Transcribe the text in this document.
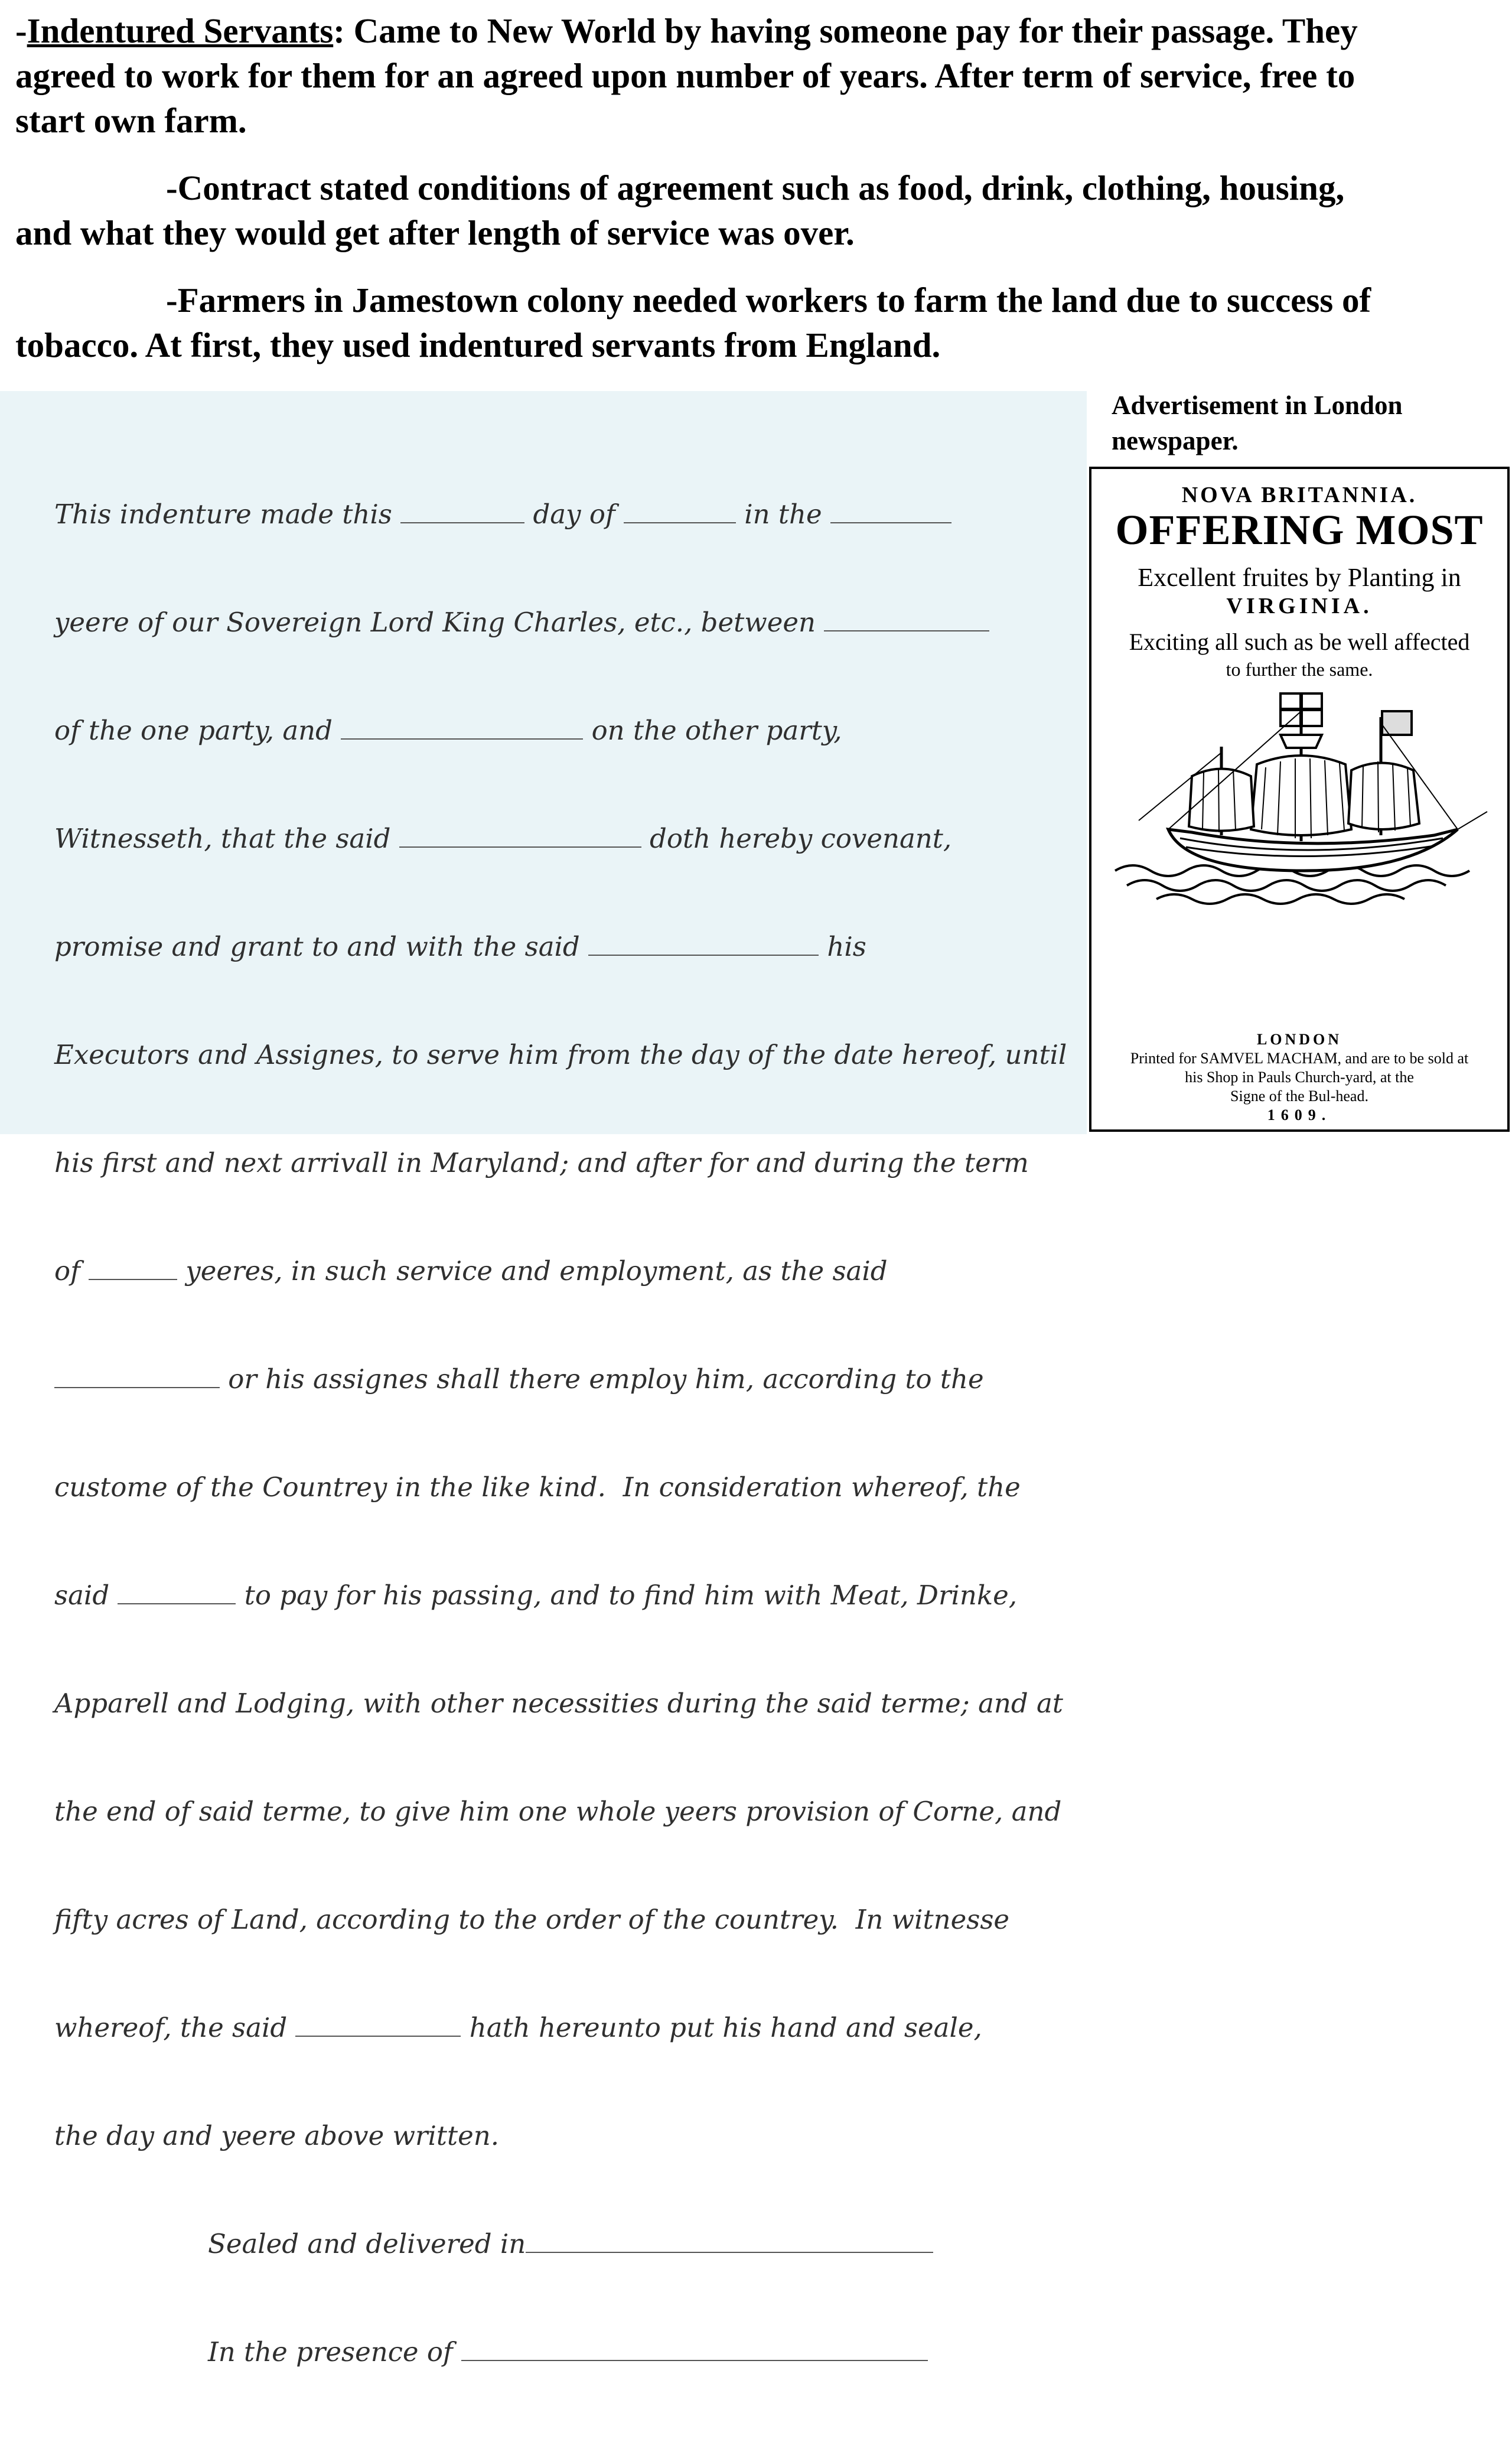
-Indentured Servants: Came to New World by having someone pay for their passage. They
agreed to work for them for an agreed upon number of years. After term of service, free to
start own farm.
-Contract stated conditions of agreement such as food, drink, clothing, housing,
and what they would get after length of service was over.
-Farmers in Jamestown colony needed workers to farm the land due to success of
tobacco. At first, they used indentured servants from England.

This indenture made this	day of	in the

yeere of our Sovereign Lord King Charles, etc., between

of the one party, and	on the other party,

Witnesseth, that the said	doth hereby covenant,

promise and grant to and with the said	his

Executors and Assignes, to serve him from the day of the date hereof, until

his first and next arrivall in Maryland; and after for and during the term

of	yeeres, in such service and employment, as the said

or his assignes shall there employ him, according to the

custome of the Countrey in the like kind.  In consideration whereof, the

said	to pay for his passing, and to find him with Meat, Drinke,

Apparell and Lodging, with other necessities during the said terme; and at

the end of said terme, to give him one whole yeers provision of Corne, and

fifty acres of Land, according to the order of the countrey.  In witnesse

whereof, the said	hath hereunto put his hand and seale,

the day and yeere above written.

Sealed and delivered in

In the presence of

Advertisement in London
newspaper.
NOVA BRITANNIA.
OFFERING MOST
Excellent fruites by Planting in
VIRGINIA.
Exciting all such as be well affected
to further the same.
LONDON
Printed for SAMVEL MACHAM, and are to be sold at
his Shop in Pauls Church-yard, at the
Signe of the Bul-head.
1609.
